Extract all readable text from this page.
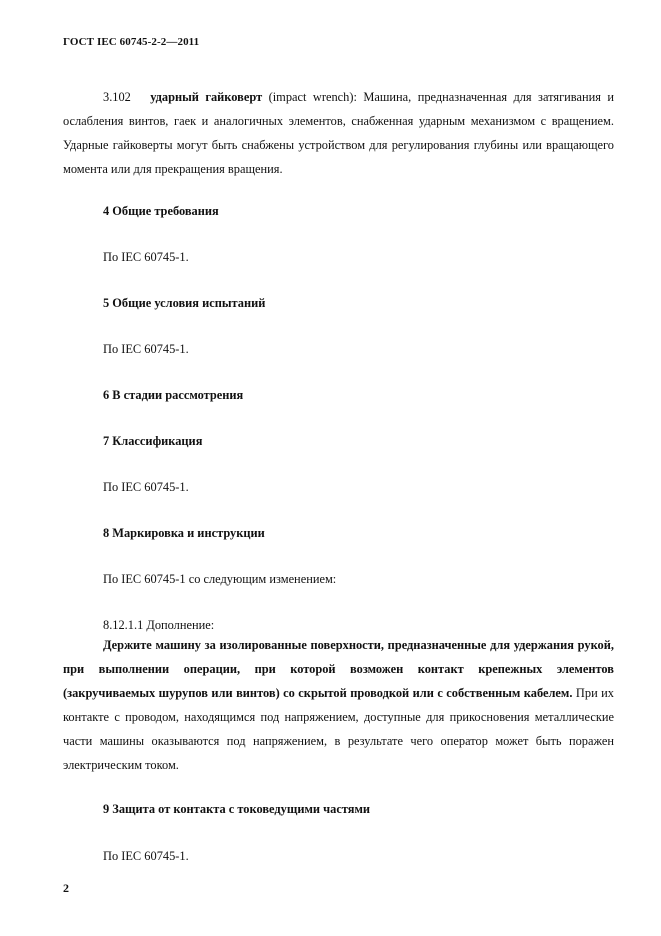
ГОСТ IEC 60745-2-2—2011
3.102 ударный гайковерт (impact wrench): Машина, предназначенная для затягивания и ослабления винтов, гаек и аналогичных элементов, снабженная ударным механизмом с вращением. Ударные гайковерты могут быть снабжены устройством для регулирования глубины или вращающего момента или для прекращения вращения.
4 Общие требования
По IEC 60745-1.
5 Общие условия испытаний
По IEC 60745-1.
6 В стадии рассмотрения
7 Классификация
По IEC 60745-1.
8 Маркировка и инструкции
По IEC 60745-1 со следующим изменением:
8.12.1.1 Дополнение:
Держите машину за изолированные поверхности, предназначенные для удержания рукой, при выполнении операции, при которой возможен контакт крепежных элементов (закручиваемых шурупов или винтов) со скрытой проводкой или с собственным кабелем. При их контакте с проводом, находящимся под напряжением, доступные для прикосновения металлические части машины оказываются под напряжением, в результате чего оператор может быть поражен электрическим током.
9 Защита от контакта с токоведущими частями
По IEC 60745-1.
2
